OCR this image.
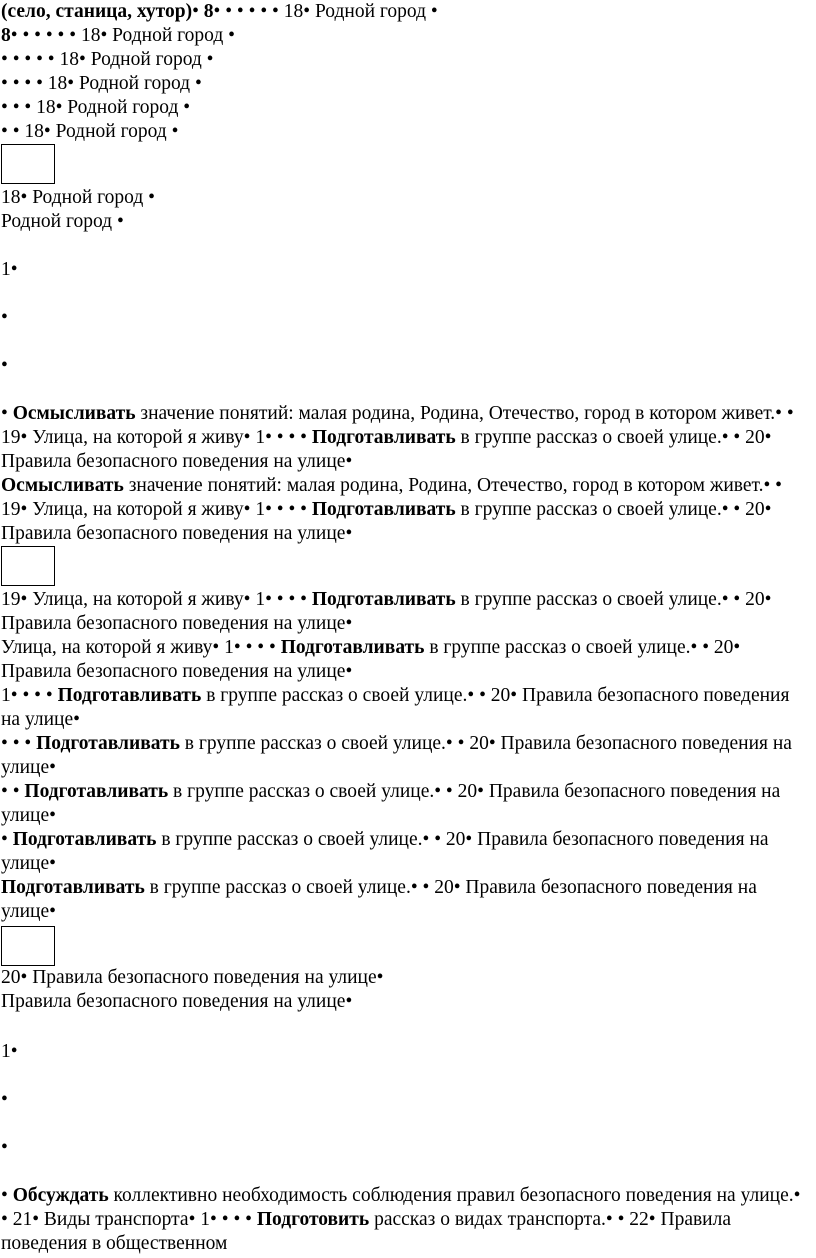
(село, станица, хутор)• 8• • • • • • 18• Родной город •
8• • • • • • 18• Родной город •
• • • • • 18• Родной город •
• • • • 18• Родной город •
• • • 18• Родной город •
• • 18• Родной город •
18• Родной город •
Родной город •
1•
•
•
1•
•
•
• Осмысливать значение понятий: малая родина, Родина, Отечество, город в котором живет.• • 19• Улица, на которой я живу• 1• • • • Подготавливать в группе рассказ о своей улице.• • 20• Правила безопасного поведения на улице•
Осмысливать значение понятий: малая родина, Родина, Отечество, город в котором живет.• • 19• Улица, на которой я живу• 1• • • • Подготавливать в группе рассказ о своей улице.• • 20• Правила безопасного поведения на улице•
19• Улица, на которой я живу• 1• • • • Подготавливать в группе рассказ о своей улице.• • 20• Правила безопасного поведения на улице•
Улица, на которой я живу• 1• • • • Подготавливать в группе рассказ о своей улице.• • 20• Правила безопасного поведения на улице•
1• • • • Подготавливать в группе рассказ о своей улице.• • 20• Правила безопасного поведения на улице•
• • • Подготавливать в группе рассказ о своей улице.• • 20• Правила безопасного поведения на улице•
• • Подготавливать в группе рассказ о своей улице.• • 20• Правила безопасного поведения на улице•
• Подготавливать в группе рассказ о своей улице.• • 20• Правила безопасного поведения на улице•
Подготавливать в группе рассказ о своей улице.• • 20• Правила безопасного поведения на улице•
20• Правила безопасного поведения на улице•
Правила безопасного поведения на улице•
• Обсуждать коллективно необходимость соблюдения правил безопасного поведения на улице.• • 21• Виды транспорта• 1• • • • Подготовить рассказ о видах транспорта.• • 22• Правила поведения в общественном
